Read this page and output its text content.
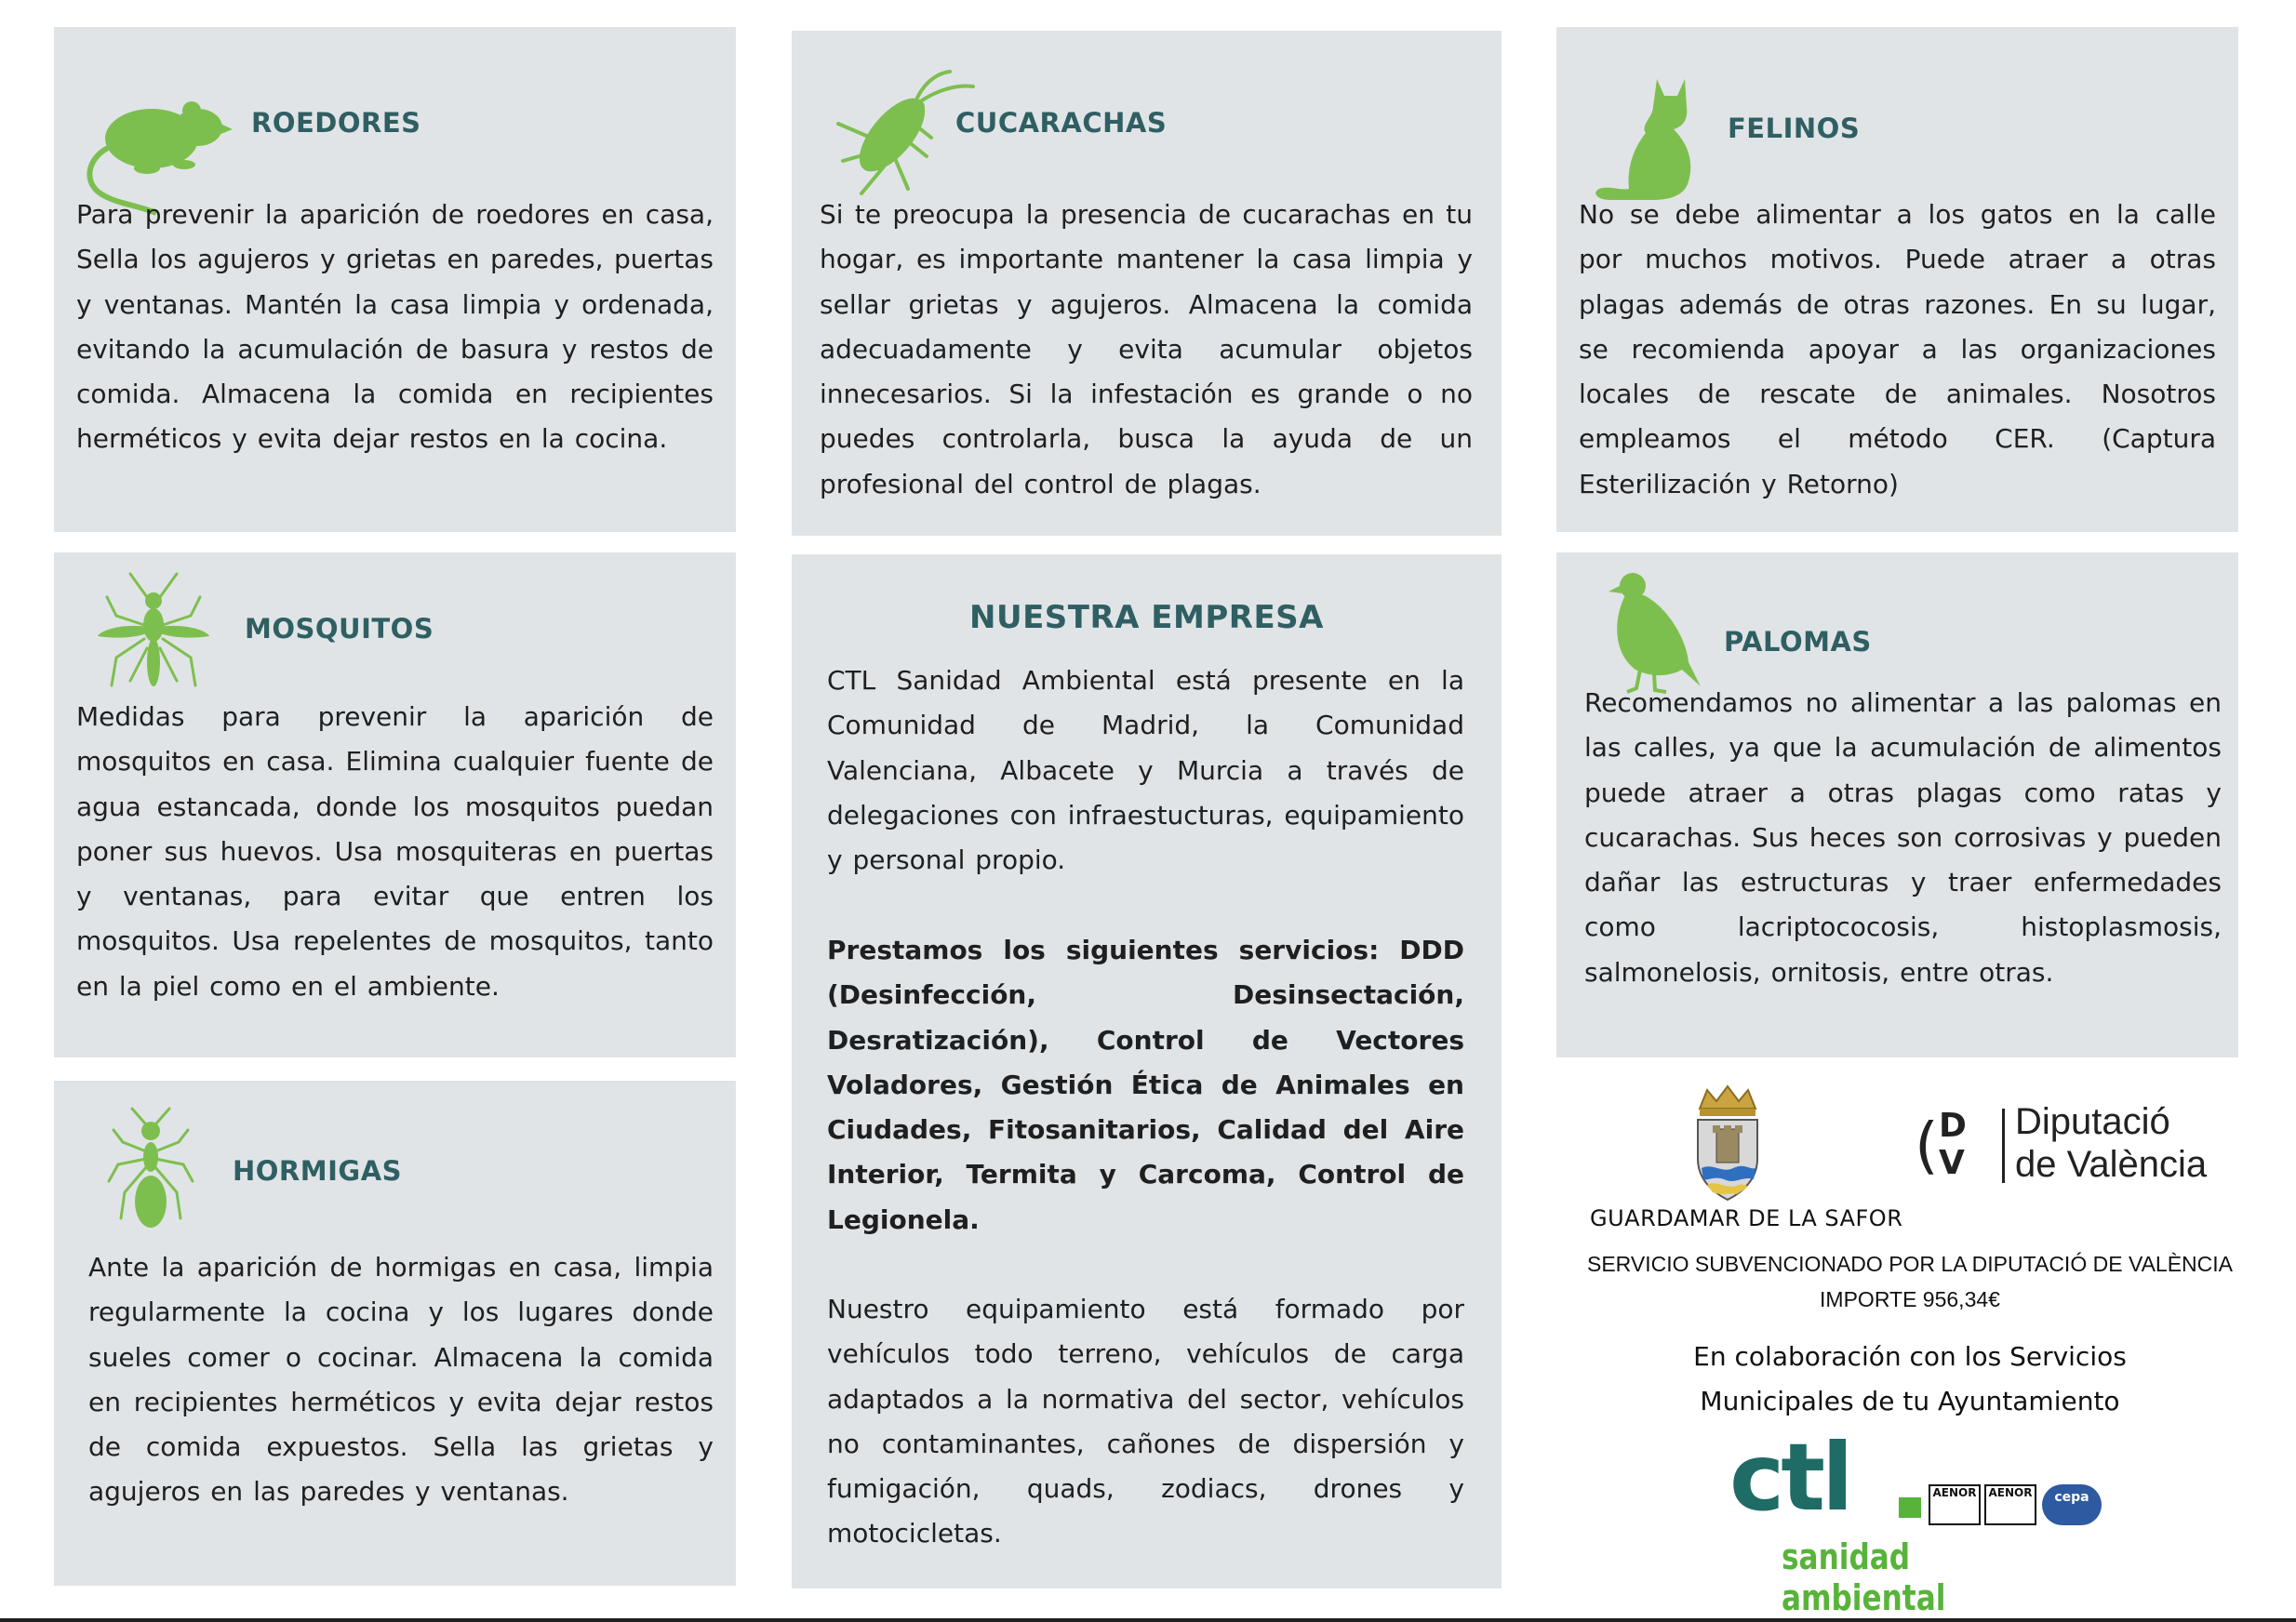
ROEDORES
Para prevenir la aparición de roedores en casa, Sella los agujeros y grietas en paredes, puertas y ventanas. Mantén la casa limpia y ordenada, evitando la acumulación de basura y restos de comida. Almacena la comida en recipientes herméticos y evita dejar restos en la cocina.
CUCARACHAS
Si te preocupa la presencia de cucarachas en tu hogar, es importante mantener la casa limpia y sellar grietas y agujeros. Almacena la comida adecuadamente y evita acumular objetos innecesarios. Si la infestación es grande o no puedes controlarla, busca la ayuda de un profesional del control de plagas.
FELINOS
No se debe alimentar a los gatos en la calle por muchos motivos. Puede atraer a otras plagas además de otras razones. En su lugar, se recomienda apoyar a las organizaciones locales de rescate de animales. Nosotros empleamos el método CER. (Captura Esterilización y Retorno)
MOSQUITOS
Medidas para prevenir la aparición de mosquitos en casa. Elimina cualquier fuente de agua estancada, donde los mosquitos puedan poner sus huevos. Usa mosquiteras en puertas y ventanas, para evitar que entren los mosquitos. Usa repelentes de mosquitos, tanto en la piel como en el ambiente.
NUESTRA EMPRESA
CTL Sanidad Ambiental está presente en la Comunidad de Madrid, la Comunidad Valenciana, Albacete y Murcia a través de delegaciones con infraestucturas, equipamiento y personal propio.
Prestamos los siguientes servicios: DDD (Desinfección, Desinsectación, Desratización), Control de Vectores Voladores, Gestión Ética de Animales en Ciudades, Fitosanitarios, Calidad del Aire Interior, Termita y Carcoma, Control de Legionela.
Nuestro equipamiento está formado por vehículos todo terreno, vehículos de carga adaptados a la normativa del sector, vehículos no contaminantes, cañones de dispersión y fumigación, quads, zodiacs, drones y motocicletas.
PALOMAS
Recomendamos no alimentar a las palomas en las calles, ya que la acumulación de alimentos puede atraer a otras plagas como ratas y cucarachas. Sus heces son corrosivas y pueden dañar las estructuras y traer enfermedades como lacriptococosis, histoplasmosis, salmonelosis, ornitosis, entre otras.
HORMIGAS
Ante la aparición de hormigas en casa, limpia regularmente la cocina y los lugares donde sueles comer o cocinar. Almacena la comida en recipientes herméticos y evita dejar restos de comida expuestos. Sella las grietas y agujeros en las paredes y ventanas.
GUARDAMAR DE LA SAFOR
( D
V
Diputació
de València
SERVICIO SUBVENCIONADO POR LA DIPUTACIÓ DE VALÈNCIA
IMPORTE 956,34€
En colaboración con los Servicios
Municipales de tu Ayuntamiento
ctl	AENOR	AENOR	cepa
sanidad ambiental
